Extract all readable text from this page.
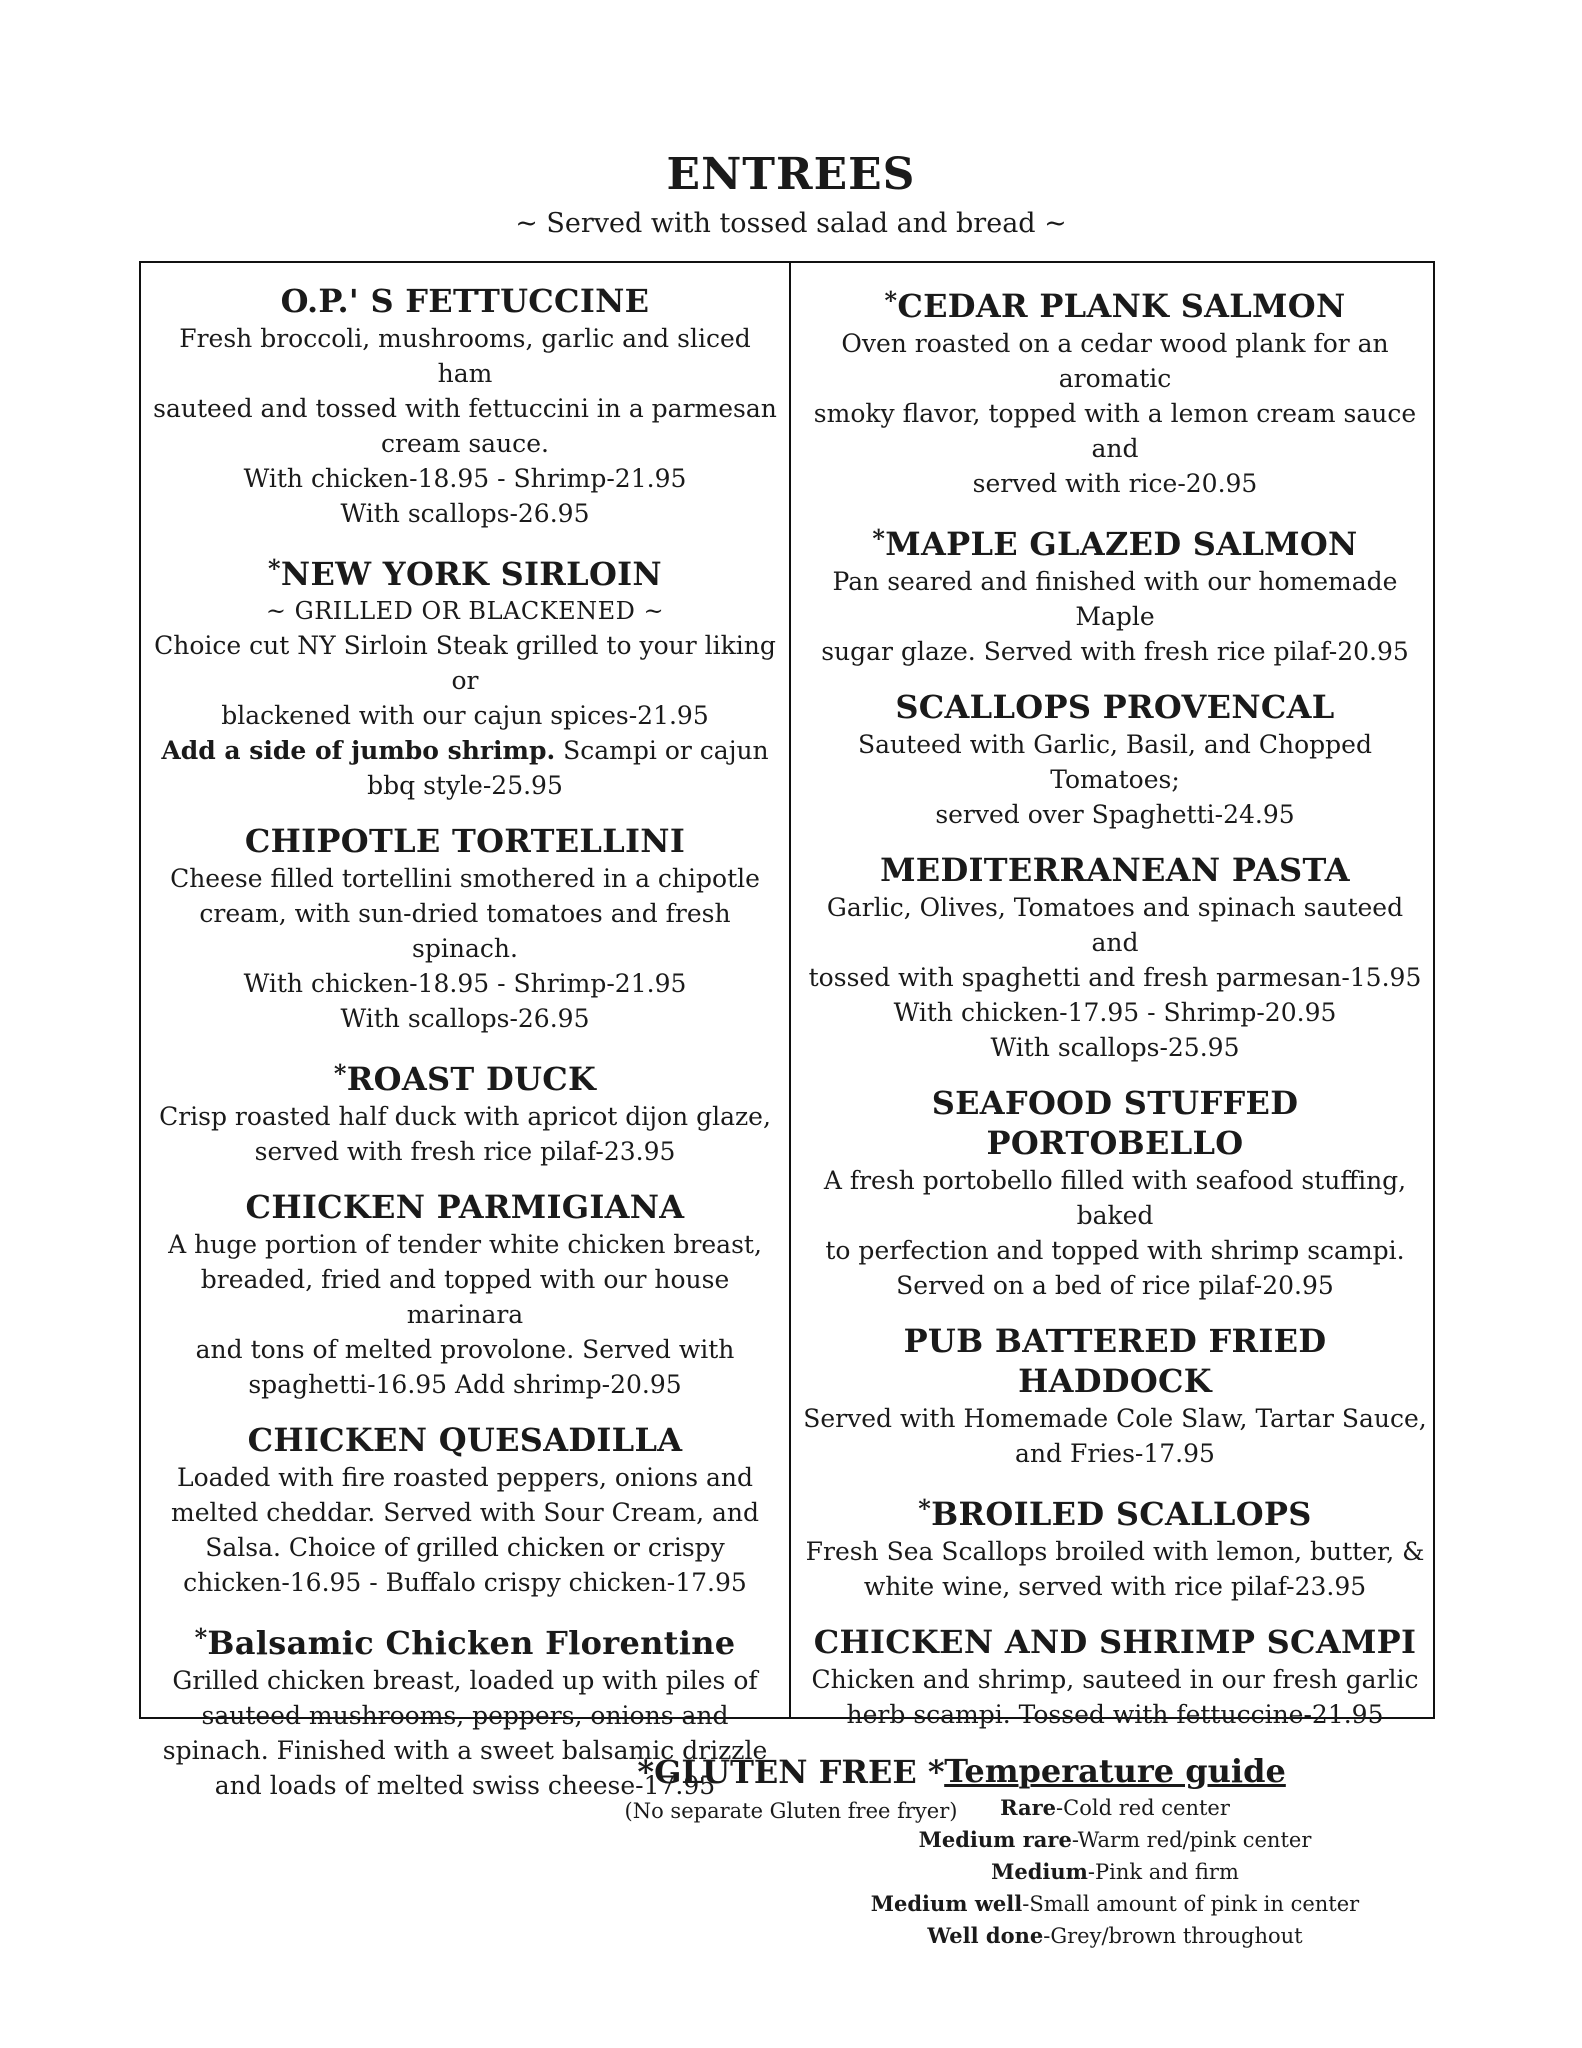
ENTREES
~ Served with tossed salad and bread ~
O.P.' S FETTUCCINE
Fresh broccoli, mushrooms, garlic and sliced ham
sauteed and tossed with fettuccini in a parmesan
cream sauce.
With chicken-18.95 - Shrimp-21.95
With scallops-26.95
*NEW YORK SIRLOIN
~ GRILLED OR BLACKENED ~
Choice cut NY Sirloin Steak grilled to your liking or
blackened with our cajun spices-21.95
Add a side of jumbo shrimp. Scampi or cajun
bbq style-25.95
CHIPOTLE TORTELLINI
Cheese filled tortellini smothered in a chipotle
cream, with sun-dried tomatoes and fresh spinach.
With chicken-18.95 - Shrimp-21.95
With scallops-26.95
*ROAST DUCK
Crisp roasted half duck with apricot dijon glaze,
served with fresh rice pilaf-23.95
CHICKEN PARMIGIANA
A huge portion of tender white chicken breast,
breaded, fried and topped with our house marinara
and tons of melted provolone. Served with
spaghetti-16.95 Add shrimp-20.95
CHICKEN QUESADILLA
Loaded with fire roasted peppers, onions and
melted cheddar. Served with Sour Cream, and
Salsa. Choice of grilled chicken or crispy
chicken-16.95 - Buffalo crispy chicken-17.95
*Balsamic Chicken Florentine
Grilled chicken breast, loaded up with piles of
sauteed mushrooms, peppers, onions and
spinach. Finished with a sweet balsamic drizzle
and loads of melted swiss cheese-17.95
*CEDAR PLANK SALMON
Oven roasted on a cedar wood plank for an aromatic
smoky flavor, topped with a lemon cream sauce and
served with rice-20.95
*MAPLE GLAZED SALMON
Pan seared and finished with our homemade Maple
sugar glaze. Served with fresh rice pilaf-20.95
SCALLOPS PROVENCAL
Sauteed with Garlic, Basil, and Chopped Tomatoes;
served over Spaghetti-24.95
MEDITERRANEAN PASTA
Garlic, Olives, Tomatoes and spinach sauteed and
tossed with spaghetti and fresh parmesan-15.95
With chicken-17.95 - Shrimp-20.95
With scallops-25.95
SEAFOOD STUFFED PORTOBELLO
A fresh portobello filled with seafood stuffing, baked
to perfection and topped with shrimp scampi.
Served on a bed of rice pilaf-20.95
PUB BATTERED FRIED HADDOCK
Served with Homemade Cole Slaw, Tartar Sauce,
and Fries-17.95
*BROILED SCALLOPS
Fresh Sea Scallops broiled with lemon, butter, &
white wine, served with rice pilaf-23.95
CHICKEN AND SHRIMP SCAMPI
Chicken and shrimp, sauteed in our fresh garlic
herb scampi. Tossed with fettuccine-21.95
Temperature guide
Rare-Cold red center
Medium rare-Warm red/pink center
Medium-Pink and firm
Medium well-Small amount of pink in center
Well done-Grey/brown throughout
*GLUTEN FREE *
(No separate Gluten free fryer)
